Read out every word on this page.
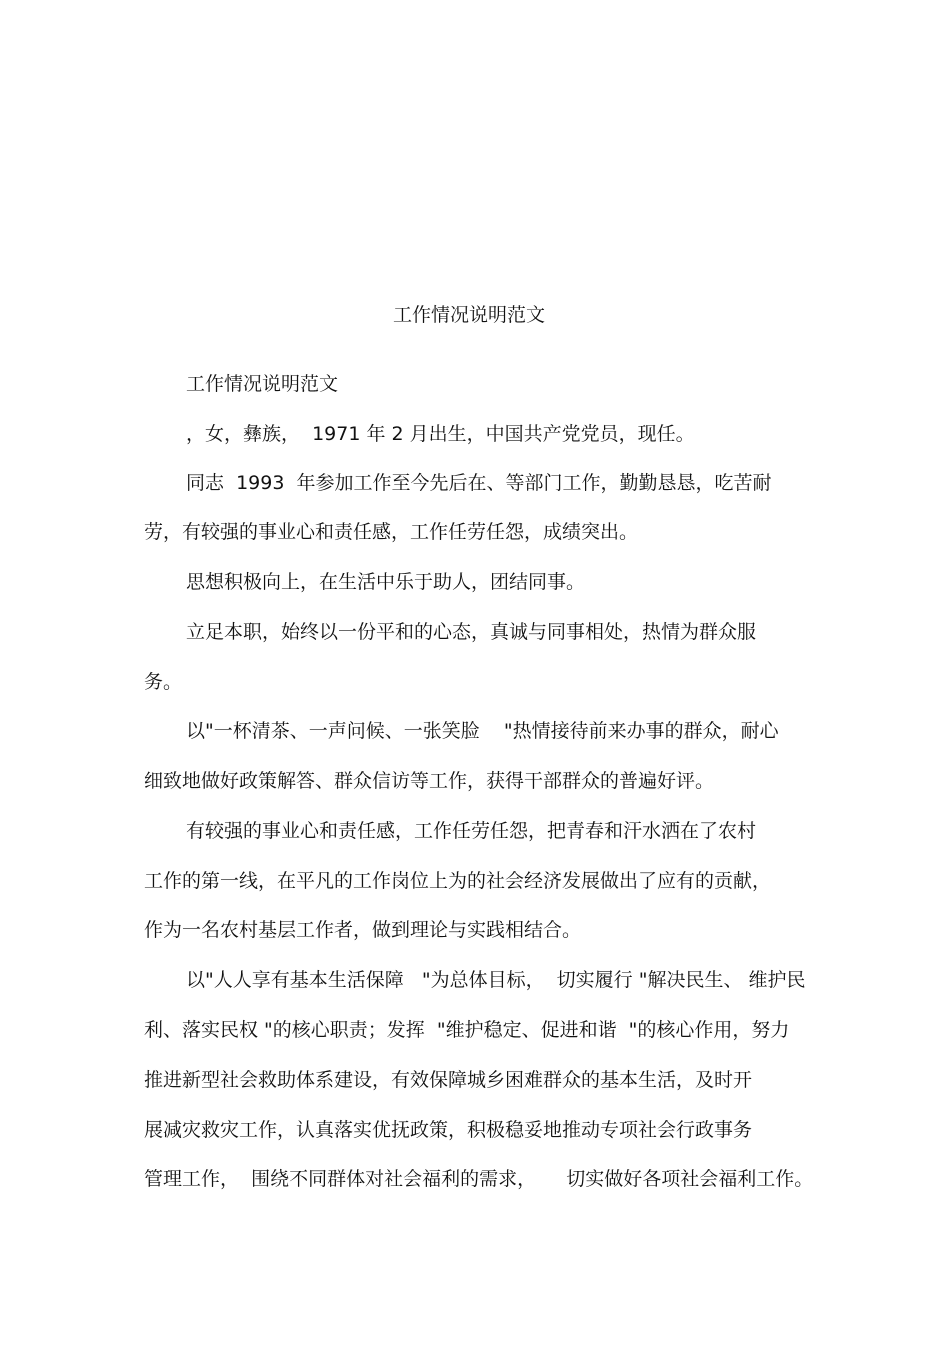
工作情况说明范文
工作情况说明范文
，女，彝族，  1971 年 2 月出生，中国共产党党员，现任。
同志  1993  年参加工作至今先后在、等部门工作，勤勤恳恳，吃苦耐
劳，有较强的事业心和责任感，工作任劳任怨，成绩突出。
思想积极向上，在生活中乐于助人，团结同事。
立足本职，始终以一份平和的心态，真诚与同事相处，热情为群众服
务。
以"一杯清茶、一声问候、一张笑脸    "热情接待前来办事的群众，耐心
细致地做好政策解答、群众信访等工作，获得干部群众的普遍好评。
有较强的事业心和责任感，工作任劳任怨，把青春和汗水洒在了农村
工作的第一线，在平凡的工作岗位上为的社会经济发展做出了应有的贡献，
作为一名农村基层工作者，做到理论与实践相结合。
以"人人享有基本生活保障   "为总体目标，  切实履行 "解决民生、 维护民
利、落实民权 "的核心职责；发挥  "维护稳定、促进和谐  "的核心作用，努力
推进新型社会救助体系建设，有效保障城乡困难群众的基本生活，及时开
展减灾救灾工作，认真落实优抚政策，积极稳妥地推动专项社会行政事务
管理工作，  围绕不同群体对社会福利的需求，     切实做好各项社会福利工作。
